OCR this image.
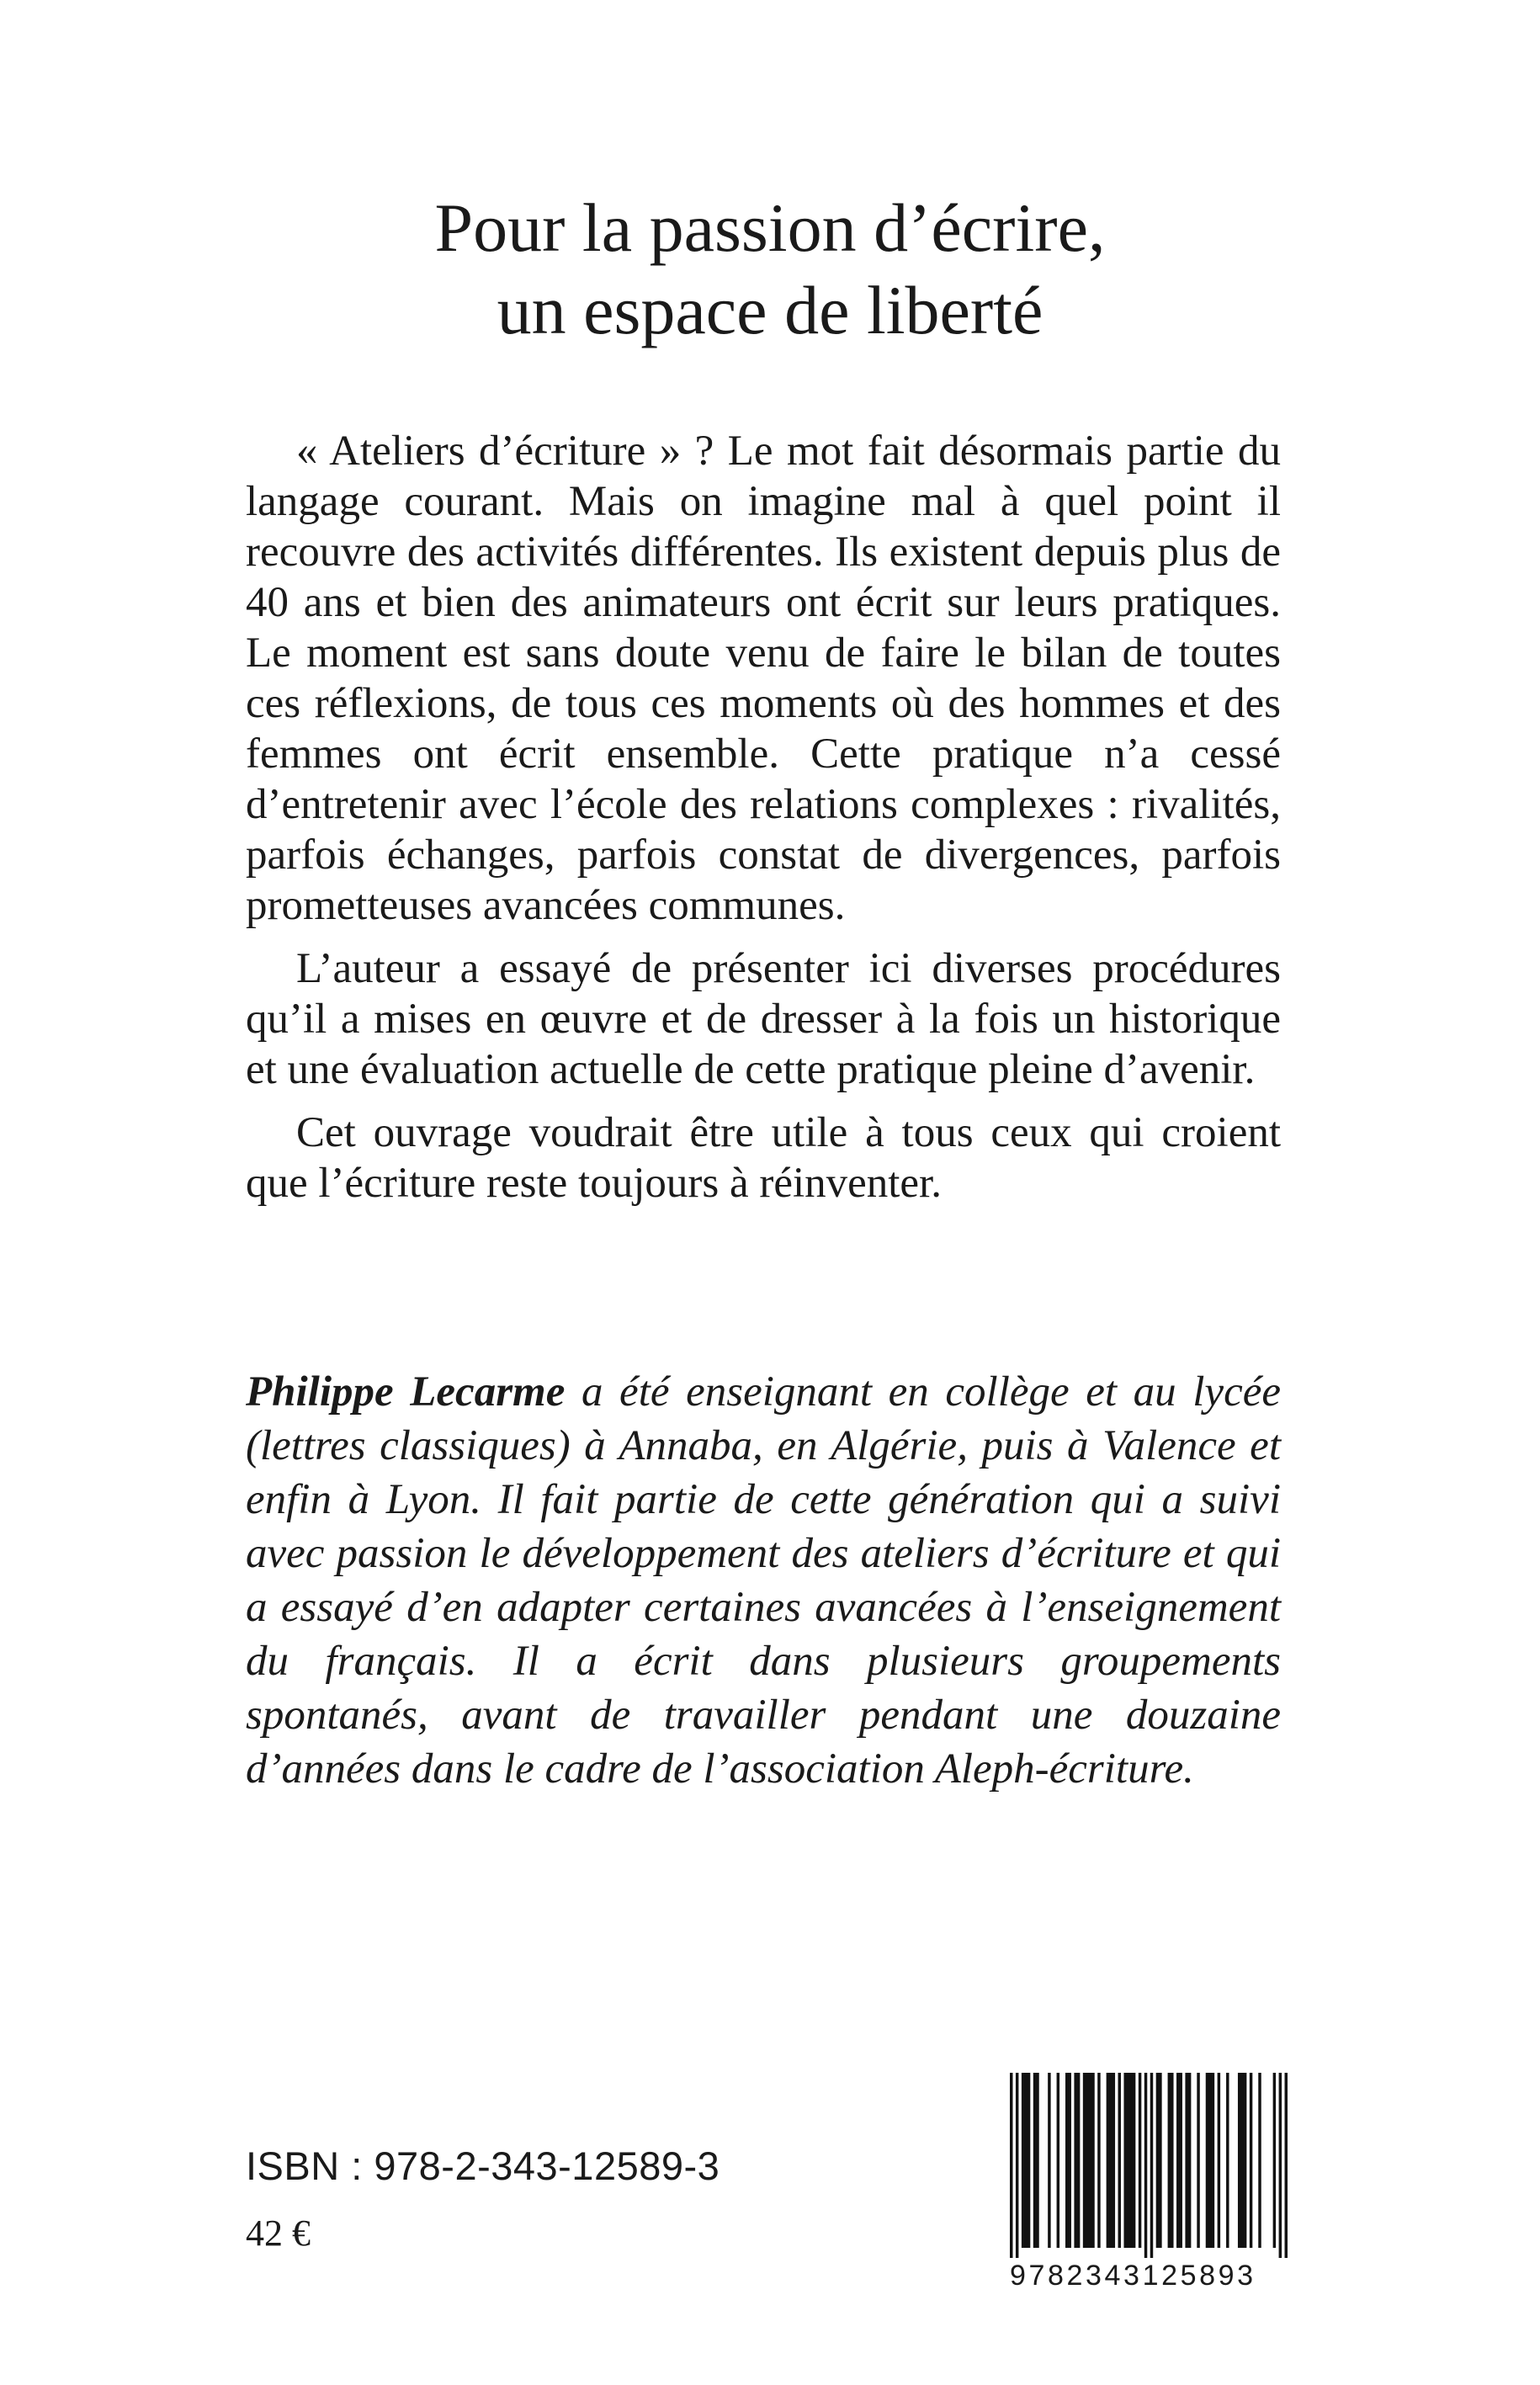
Pour la passion d’écrire,
un espace de liberté

« Ateliers d’écriture » ? Le mot fait désormais partie du langage courant. Mais on imagine mal à quel point il recouvre des activités différentes. Ils existent depuis plus de 40 ans et bien des animateurs ont écrit sur leurs pratiques. Le moment est sans doute venu de faire le bilan de toutes ces réflexions, de tous ces moments où des hommes et des femmes ont écrit ensemble. Cette pratique n’a cessé d’entretenir avec l’école des relations complexes : rivalités, parfois échanges, parfois constat de divergences, parfois prometteuses avancées communes.

L’auteur a essayé de présenter ici diverses procédures qu’il a mises en œuvre et de dresser à la fois un historique et une évaluation actuelle de cette pratique pleine d’avenir.

Cet ouvrage voudrait être utile à tous ceux qui croient que l’écriture reste toujours à réinventer.

Philippe Lecarme a été enseignant en collège et au lycée (lettres classiques) à Annaba, en Algérie, puis à Valence et enfin à Lyon. Il fait partie de cette génération qui a suivi avec passion le développement des ateliers d’écriture et qui a essayé d’en adapter certaines avancées à l’enseignement du français. Il a écrit dans plusieurs groupements spontanés, avant de travailler pendant une douzaine d’années dans le cadre de l’association Aleph-écriture.

ISBN : 978-2-343-12589-3

42 €

9782343125893
